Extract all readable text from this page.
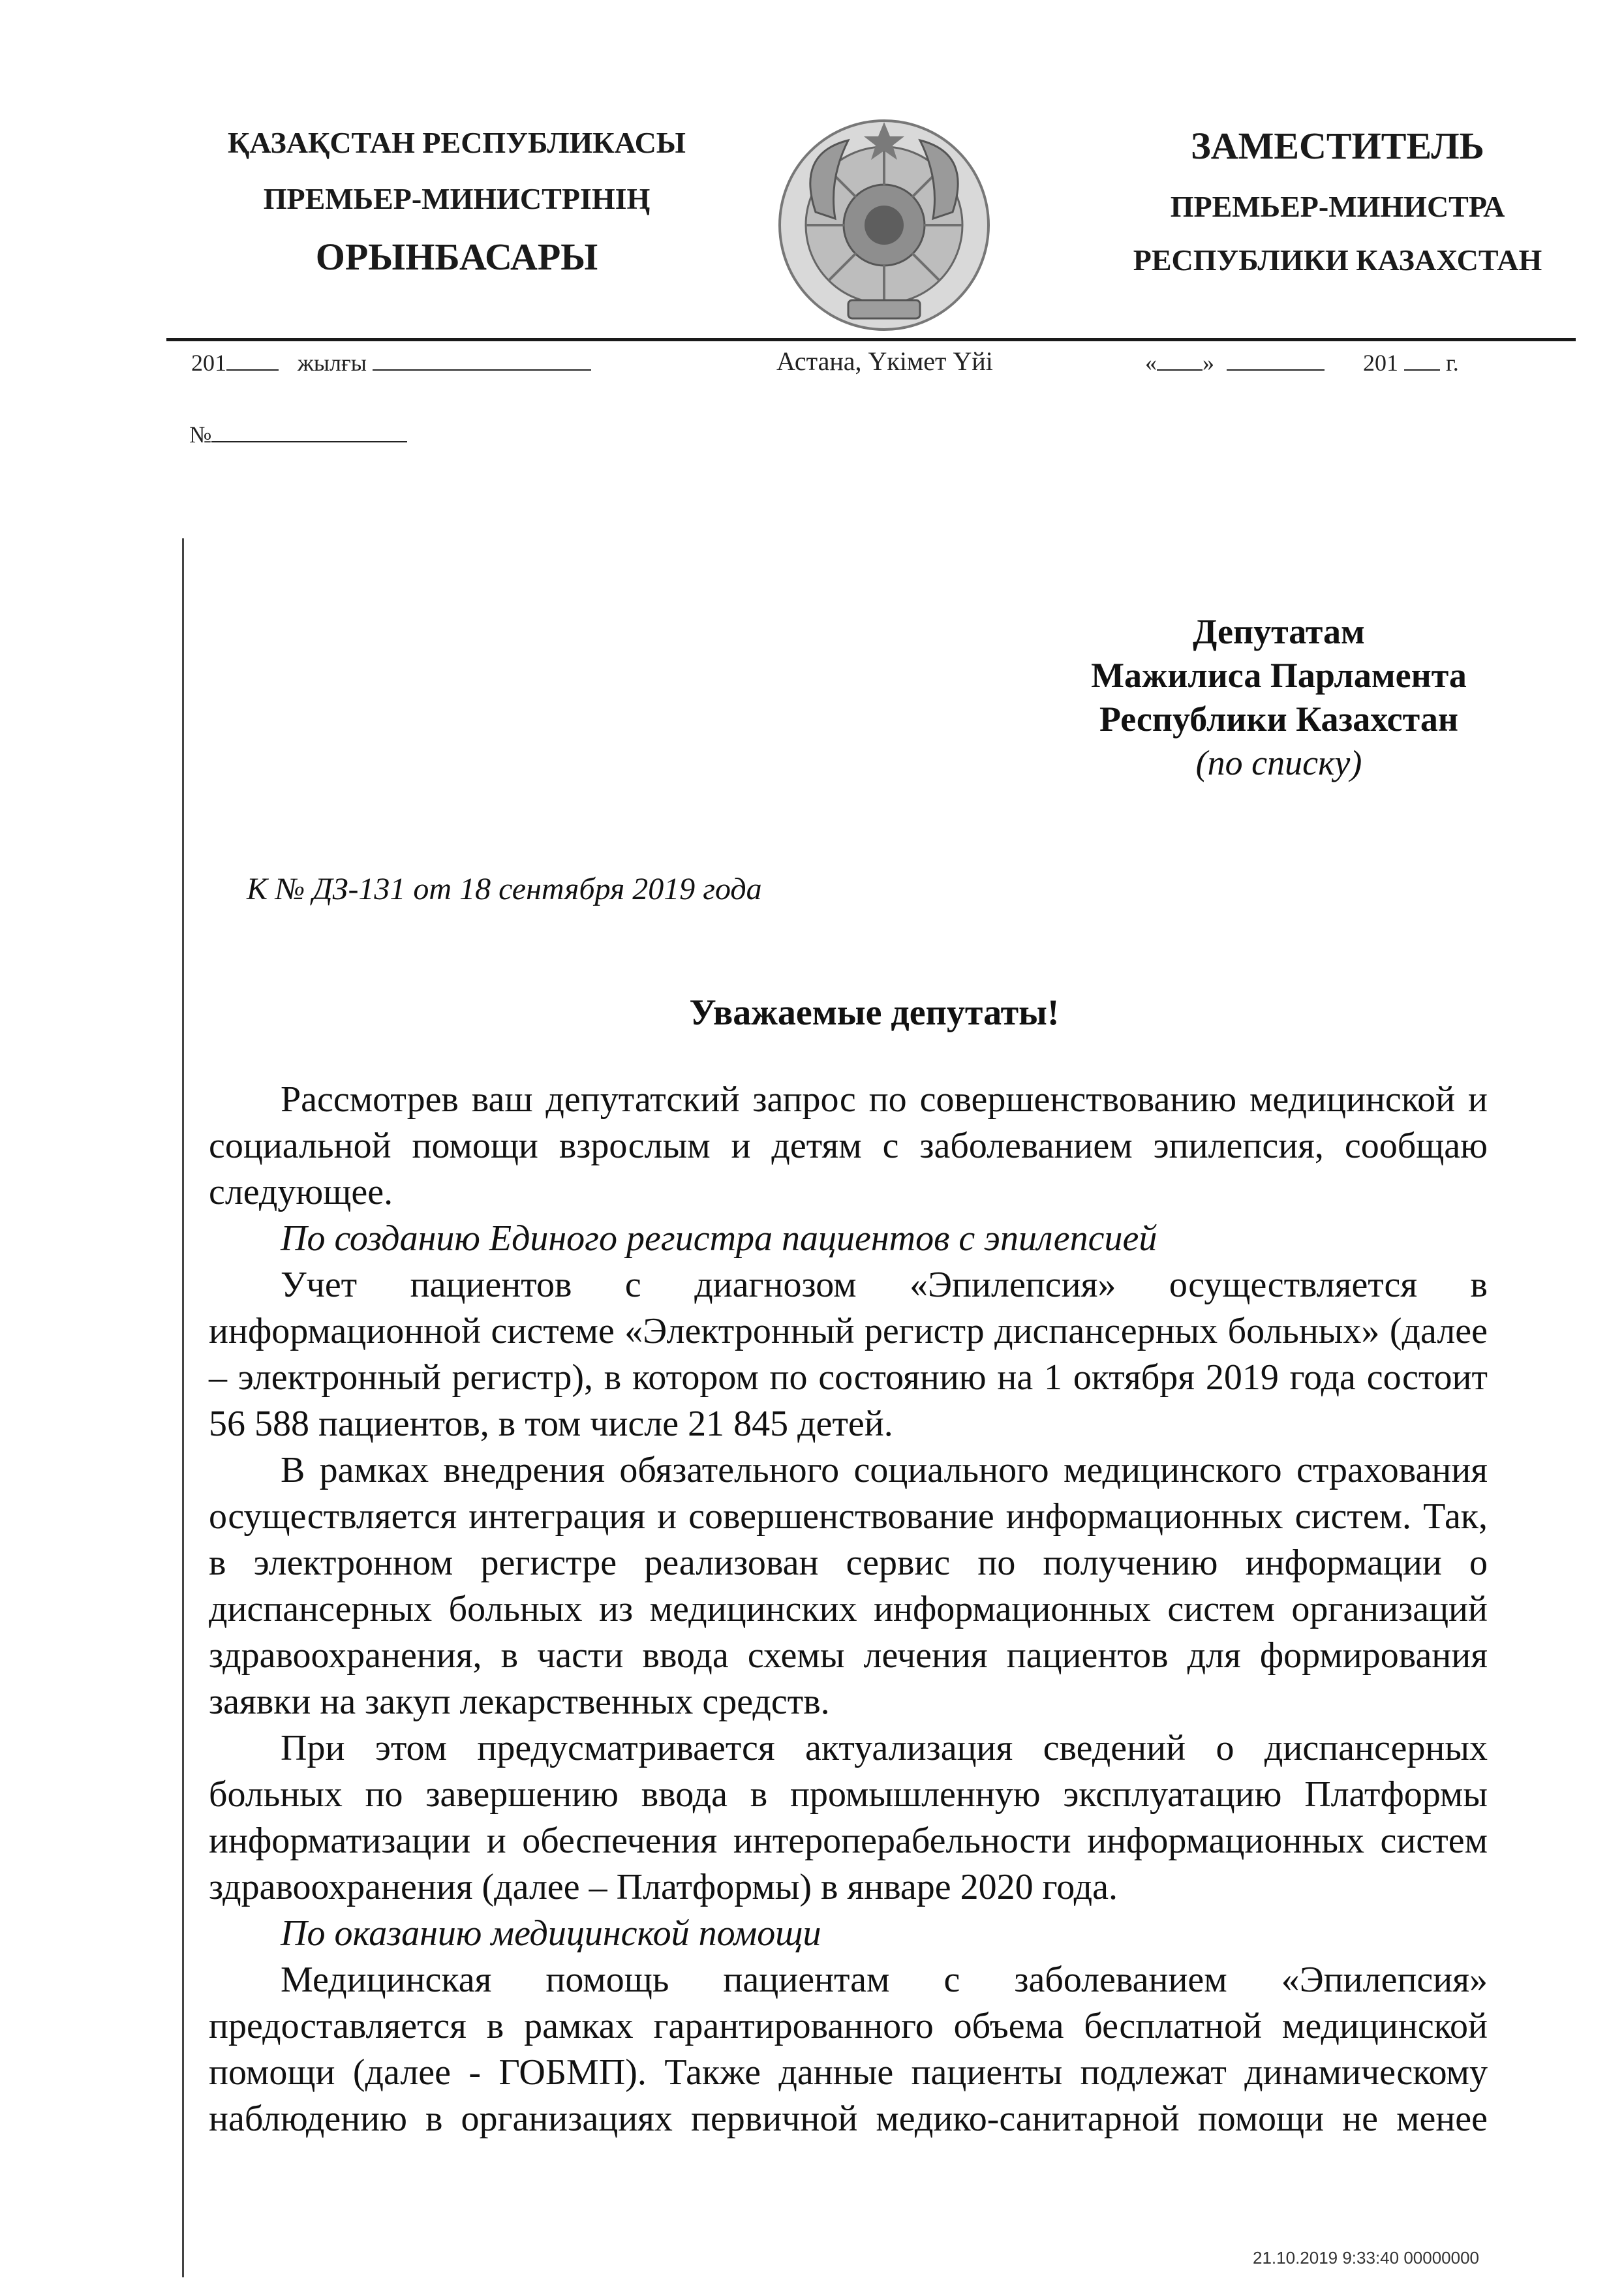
ҚАЗАҚСТАН РЕСПУБЛИКАСЫ
ПРЕМЬЕР-МИНИСТРІНІҢ
ОРЫНБАСАРЫ
ЗАМЕСТИТЕЛЬ
ПРЕМЬЕР-МИНИСТРА
РЕСПУБЛИКИ КАЗАХСТАН
201	жылғы	Астана, Үкімет Үйі	« »	201 г.
№
Депутатам
Мажилиса Парламента
Республики Казахстан
(по списку)
К № ДЗ-131 от 18 сентября 2019 года
Уважаемые депутаты!

Рассмотрев ваш депутатский запрос по совершенствованию медицинской и социальной помощи взрослым и детям с заболеванием эпилепсия, сообщаю следующее.

По созданию Единого регистра пациентов с эпилепсией

Учет пациентов с диагнозом «Эпилепсия» осуществляется в информационной системе «Электронный регистр диспансерных больных» (далее – электронный регистр), в котором по состоянию на 1 октября 2019 года состоит 56 588 пациентов, в том числе 21 845 детей.

В рамках внедрения обязательного социального медицинского страхования осуществляется интеграция и совершенствование информационных систем. Так, в электронном регистре реализован сервис по получению информации о диспансерных больных из медицинских информационных систем организаций здравоохранения, в части ввода схемы лечения пациентов для формирования заявки на закуп лекарственных средств.

При этом предусматривается актуализация сведений о диспансерных больных по завершению ввода в промышленную эксплуатацию Платформы информатизации и обеспечения интероперабельности информационных систем здравоохранения (далее – Платформы) в январе 2020 года.

По оказанию медицинской помощи

Медицинская помощь пациентам с заболеванием «Эпилепсия» предоставляется в рамках гарантированного объема бесплатной медицинской помощи (далее - ГОБМП). Также данные пациенты подлежат динамическому наблюдению в организациях первичной медико-санитарной помощи не менее

21.10.2019 9:33:40 00000000
